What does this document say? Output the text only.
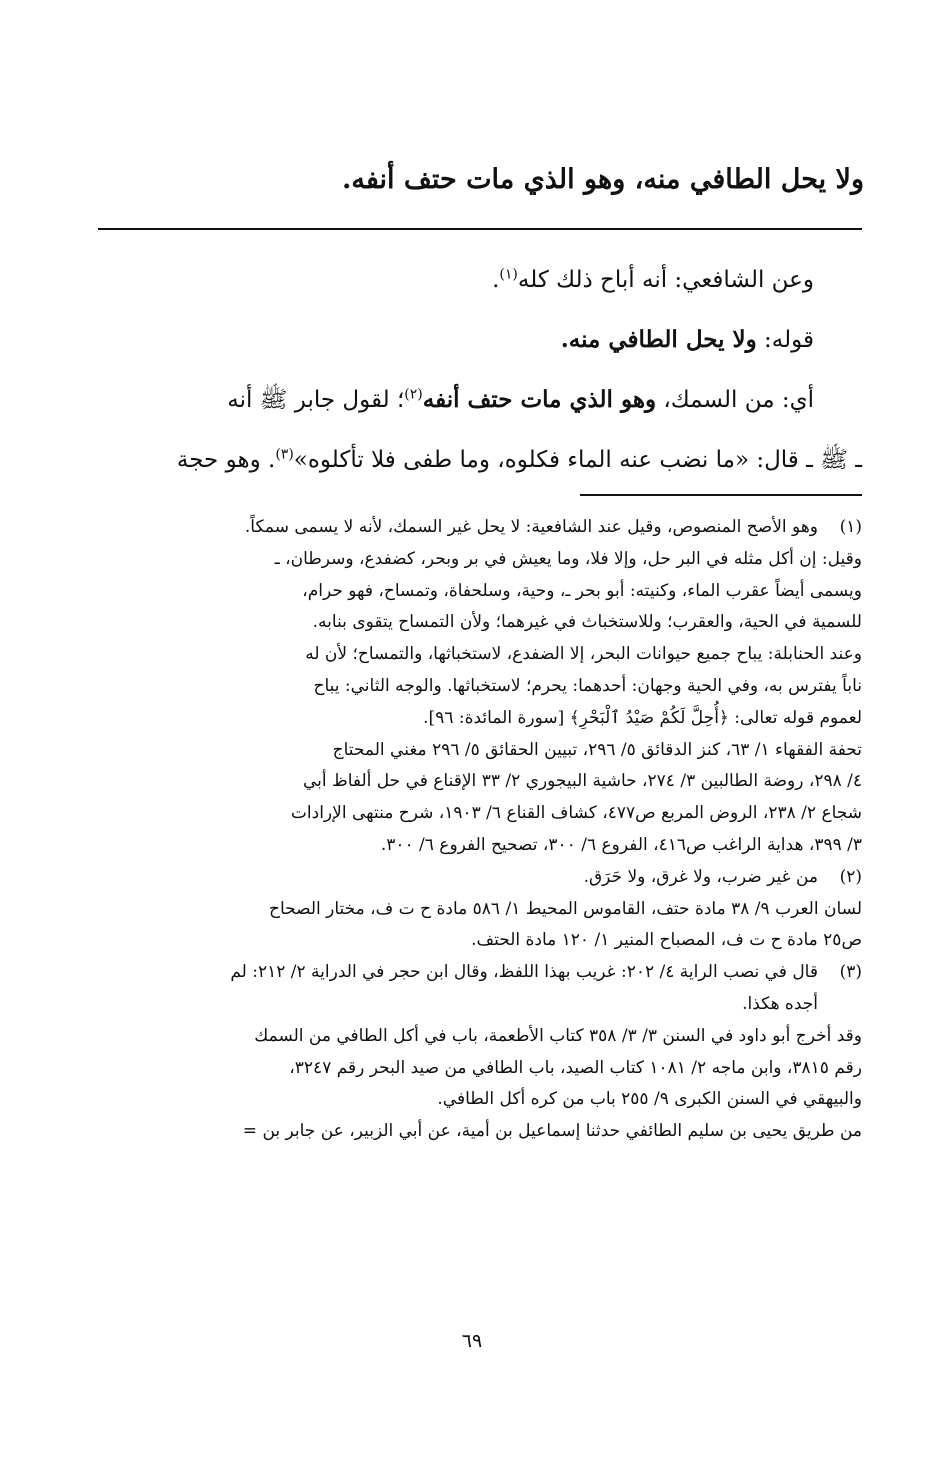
ولا يحل الطافي منه، وهو الذي مات حتف أنفه.

وعن الشافعي: أنه أباح ذلك كله$^{(١)}$.

قوله: ولا يحل الطافي منه.

أي: من السمك، وهو الذي مات حتف أنفه$^{(٢)}$؛ لقول جابر ﷺ أنه

ـ ﷺ ـ قال: «ما نضب عنه الماء فكلوه، وما طفى فلا تأكلوه»$^{(٣)}$. وهو حجة

(١)
وهو الأصح المنصوص، وقيل عند الشافعية: لا يحل غير السمك، لأنه لا يسمى سمكاً.

وقيل: إن أكل مثله في البر حل، وإلا فلا، وما يعيش في بر وبحر، كضفدع، وسرطان، ـ

ويسمى أيضاً عقرب الماء، وكنيته: أبو بحر ـ، وحية، وسلحفاة، وتمساح، فهو حرام،

للسمية في الحية، والعقرب؛ وللاستخباث في غيرهما؛ ولأن التمساح يتقوى بنابه.

وعند الحنابلة: يباح جميع حيوانات البحر، إلا الضفدع، لاستخباثها، والتمساح؛ لأن له

ناباً يفترس به، وفي الحية وجهان: أحدهما: يحرم؛ لاستخباثها. والوجه الثاني: يباح

لعموم قوله تعالى: ﴿أُحِلَّ لَكُمْ صَيْدُ ٱلْبَحْرِ﴾ [سورة المائدة: ٩٦].

تحفة الفقهاء ١/ ٦٣، كنز الدقائق ٥/ ٢٩٦، تبيين الحقائق ٥/ ٢٩٦ مغني المحتاج

٤/ ٢٩٨، روضة الطالبين ٣/ ٢٧٤، حاشية البيجوري ٢/ ٣٣ الإقناع في حل ألفاظ أبي

شجاع ٢/ ٢٣٨، الروض المربع ص٤٧٧، كشاف القناع ٦/ ١٩٠٣، شرح منتهى الإرادات

٣/ ٣٩٩، هداية الراغب ص٤١٦، الفروع ٦/ ٣٠٠، تصحيح الفروع ٦/ ٣٠٠.

(٢)
من غير ضرب، ولا غرق، ولا حَرَق.

لسان العرب ٩/ ٣٨ مادة حتف، القاموس المحيط ١/ ٥٨٦ مادة ح ت ف، مختار الصحاح

ص٢٥ مادة ح ت ف، المصباح المنير ١/ ١٢٠ مادة الحتف.

(٣)
قال في نصب الراية ٤/ ٢٠٢: غريب بهذا اللفظ، وقال ابن حجر في الدراية ٢/ ٢١٢: لم

أجده هكذا.

وقد أخرج أبو داود في السنن ٣/ ٣/ ٣٥٨ كتاب الأطعمة، باب في أكل الطافي من السمك

رقم ٣٨١٥، وابن ماجه ٢/ ١٠٨١ كتاب الصيد، باب الطافي من صيد البحر رقم ٣٢٤٧،

والبيهقي في السنن الكبرى ٩/ ٢٥٥ باب من كره أكل الطافي.

من طريق يحيى بن سليم الطائفي حدثنا إسماعيل بن أمية، عن أبي الزبير، عن جابر بن =

٦٩
